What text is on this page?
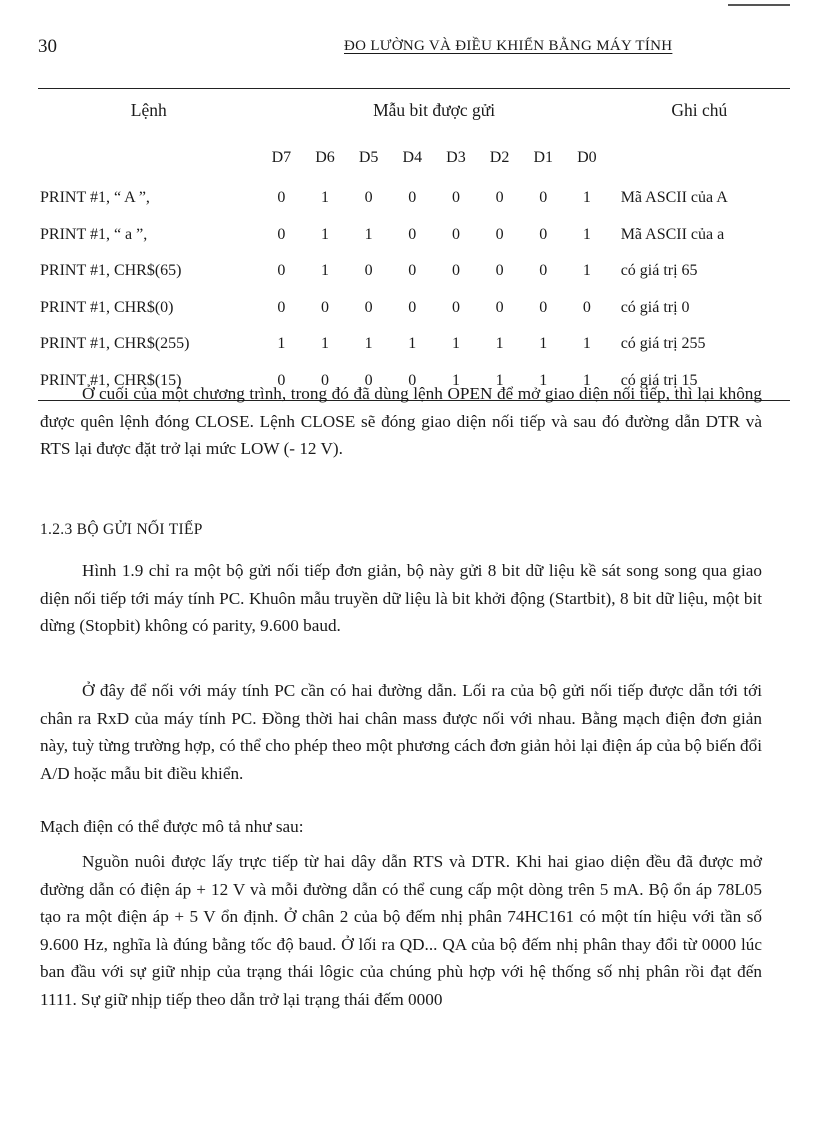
30	ĐO LƯỜNG VÀ ĐIỀU KHIỂN BẰNG MÁY TÍNH
Lệnh	Mẫu bit được gửi								Ghi chú
	D7	D6	D5	D4	D3	D2	D1	D0	
PRINT #1, “ A ”,	0	1	0	0	0	0	0	1	Mã ASCII của A
PRINT #1, “ a ”,	0	1	1	0	0	0	0	1	Mã ASCII của a
PRINT #1, CHR$(65)	0	1	0	0	0	0	0	1	có giá trị 65
PRINT #1, CHR$(0)	0	0	0	0	0	0	0	0	có giá trị 0
PRINT #1, CHR$(255)	1	1	1	1	1	1	1	1	có giá trị 255
PRINT #1, CHR$(15)	0	0	0	0	1	1	1	1	có giá trị 15

Ở cuối của một chương trình, trong đó đã dùng lệnh OPEN để mở giao diện nối tiếp, thì lại không được quên lệnh đóng CLOSE. Lệnh CLOSE sẽ đóng giao diện nối tiếp và sau đó đường dẫn DTR và RTS lại được đặt trở lại mức LOW (- 12 V).

1.2.3 BỘ GỬI NỐI TIẾP

Hình 1.9 chỉ ra một bộ gửi nối tiếp đơn giản, bộ này gửi 8 bit dữ liệu kề sát song song qua giao diện nối tiếp tới máy tính PC. Khuôn mẫu truyền dữ liệu là bit khởi động (Startbit), 8 bit dữ liệu, một bit dừng (Stopbit) không có parity, 9.600 baud.

Ở đây để nối với máy tính PC cần có hai đường dẫn. Lối ra của bộ gửi nối tiếp được dẫn tới tới chân ra RxD của máy tính PC. Đồng thời hai chân mass được nối với nhau. Bằng mạch điện đơn giản này, tuỳ từng trường hợp, có thể cho phép theo một phương cách đơn giản hỏi lại điện áp của bộ biến đổi A/D hoặc mẫu bit điều khiển.

Mạch điện có thể được mô tả như sau:

Nguồn nuôi được lấy trực tiếp từ hai dây dẫn RTS và DTR. Khi hai giao diện đều đã được mở đường dẫn có điện áp + 12 V và mỗi đường dẫn có thể cung cấp một dòng trên 5 mA. Bộ ổn áp 78L05 tạo ra một điện áp + 5 V ổn định. Ở chân 2 của bộ đếm nhị phân 74HC161 có một tín hiệu với tần số 9.600 Hz, nghĩa là đúng bằng tốc độ baud. Ở lối ra QD... QA của bộ đếm nhị phân thay đổi từ 0000 lúc ban đầu với sự giữ nhịp của trạng thái lôgic của chúng phù hợp với hệ thống số nhị phân rồi đạt đến 1111. Sự giữ nhịp tiếp theo dẫn trở lại trạng thái đếm 0000
